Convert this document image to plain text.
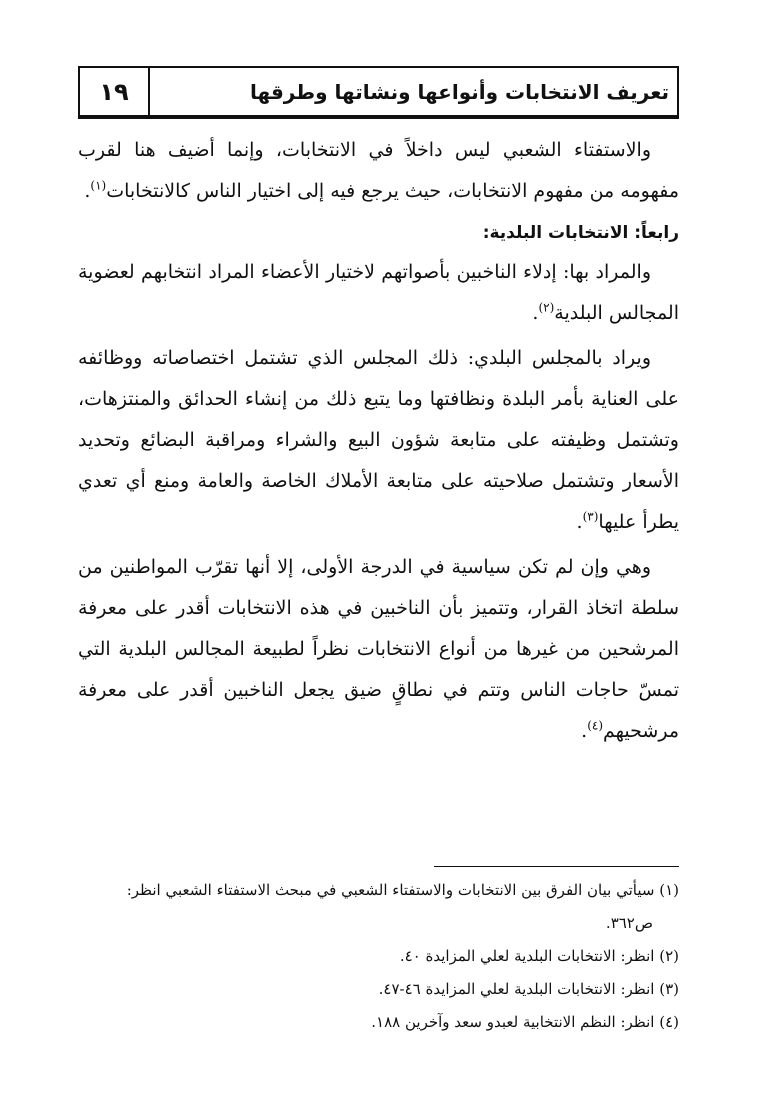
١٩	تعريف الانتخابات وأنواعها ونشاتها وطرقها

والاستفتاء الشعبي ليس داخلاً في الانتخابات، وإنما أضيف هنا لقرب مفهومه من مفهوم الانتخابات، حيث يرجع فيه إلى اختيار الناس كالانتخابات$^{(١)}$.

رابعاً: الانتخابات البلدية:

والمراد بها: إدلاء الناخبين بأصواتهم لاختيار الأعضاء المراد انتخابهم لعضوية المجالس البلدية$^{(٢)}$.

ويراد بالمجلس البلدي: ذلك المجلس الذي تشتمل اختصاصاته ووظائفه على العناية بأمر البلدة ونظافتها وما يتبع ذلك من إنشاء الحدائق والمنتزهات، وتشتمل وظيفته على متابعة شؤون البيع والشراء ومراقبة البضائع وتحديد الأسعار وتشتمل صلاحيته على متابعة الأملاك الخاصة والعامة ومنع أي تعدي يطرأ عليها$^{(٣)}$.

وهي وإن لم تكن سياسية في الدرجة الأولى، إلا أنها تقرّب المواطنين من سلطة اتخاذ القرار، وتتميز بأن الناخبين في هذه الانتخابات أقدر على معرفة المرشحين من غيرها من أنواع الانتخابات نظراً لطبيعة المجالس البلدية التي تمسّ حاجات الناس وتتم في نطاقٍ ضيق يجعل الناخبين أقدر على معرفة مرشحيهم$^{(٤)}$.

(١) سيأتي بيان الفرق بين الانتخابات والاستفتاء الشعبي في مبحث الاستفتاء الشعبي انظر:
ص٣٦٢.
(٢) انظر: الانتخابات البلدية لعلي المزايدة ٤٠.
(٣) انظر: الانتخابات البلدية لعلي المزايدة ٤٦-٤٧.
(٤) انظر: النظم الانتخابية لعبدو سعد وآخرين ١٨٨.
